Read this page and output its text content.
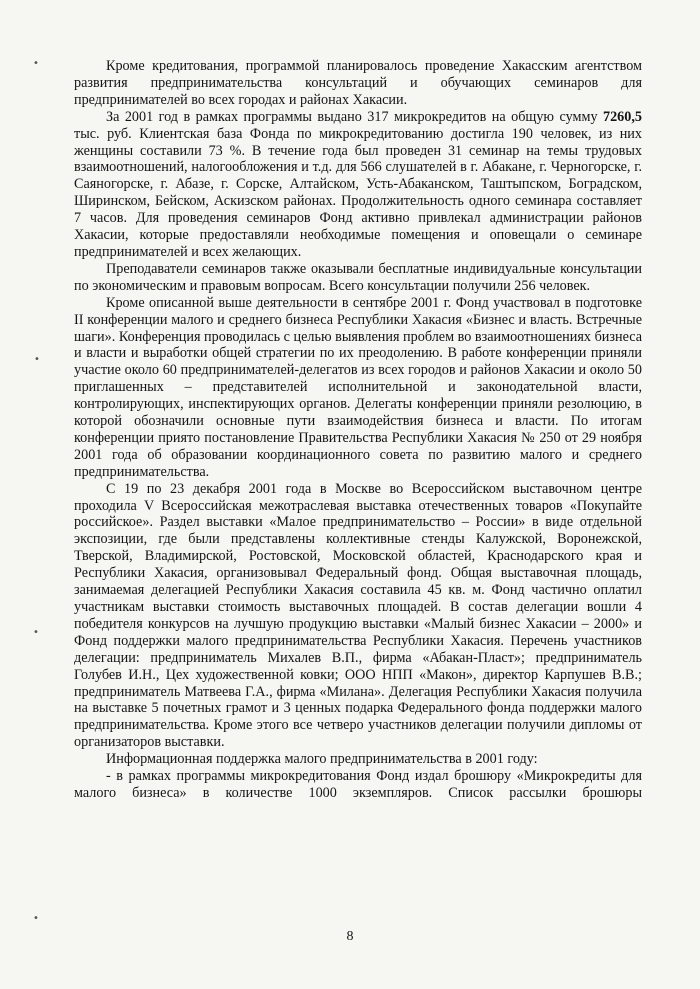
•
•
•
•

Кроме кредитования, программой планировалось проведение Хакасским агентством развития предпринимательства консультаций и обучающих семинаров для предпринимателей во всех городах и районах Хакасии.

За 2001 год в рамках программы выдано 317 микрокредитов на общую сумму 7260,5 тыс. руб. Клиентская база Фонда по микрокредитованию достигла 190 человек, из них женщины составили 73 %. В течение года был проведен 31 семинар на темы трудовых взаимоотношений, налогообложения и т.д. для 566 слушателей в г. Абакане, г. Черногорске, г. Саяногорске, г. Абазе, г. Сорске, Алтайском, Усть-Абаканском, Таштыпском, Боградском, Ширинском, Бейском, Аскизском районах. Продолжительность одного семинара составляет 7 часов. Для проведения семинаров Фонд активно привлекал администрации районов Хакасии, которые предоставляли необходимые помещения и оповещали о семинаре предпринимателей и всех желающих.

Преподаватели семинаров также оказывали бесплатные индивидуальные консультации по экономическим и правовым вопросам. Всего консультации получили 256 человек.

Кроме описанной выше деятельности в сентябре 2001 г. Фонд участвовал в подготовке II конференции малого и среднего бизнеса Республики Хакасия «Бизнес и власть. Встречные шаги». Конференция проводилась с целью выявления проблем во взаимоотношениях бизнеса и власти и выработки общей стратегии по их преодолению. В работе конференции приняли участие около 60 предпринимателей-делегатов из всех городов и районов Хакасии и около 50 приглашенных – представителей исполнительной и законодательной власти, контролирующих, инспектирующих органов. Делегаты конференции приняли резолюцию, в которой обозначили основные пути взаимодействия бизнеса и власти. По итогам конференции приято постановление Правительства Республики Хакасия № 250 от 29 ноября 2001 года об образовании координационного совета по развитию малого и среднего предпринимательства.

С 19 по 23 декабря 2001 года в Москве во Всероссийском выставочном центре проходила V Всероссийская межотраслевая выставка отечественных товаров «Покупайте российское». Раздел выставки «Малое предпринимательство – России» в виде отдельной экспозиции, где были представлены коллективные стенды Калужской, Воронежской, Тверской, Владимирской, Ростовской, Московской областей, Краснодарского края и Республики Хакасия, организовывал Федеральный фонд. Общая выставочная площадь, занимаемая делегацией Республики Хакасия составила 45 кв. м. Фонд частично оплатил участникам выставки стоимость выставочных площадей. В состав делегации вошли 4 победителя конкурсов на лучшую продукцию выставки «Малый бизнес Хакасии – 2000» и Фонд поддержки малого предпринимательства Республики Хакасия. Перечень участников делегации: предприниматель Михалев В.П., фирма «Абакан-Пласт»; предприниматель Голубев И.Н., Цех художественной ковки; ООО НПП «Макон», директор Карпушев В.В.; предприниматель Матвеева Г.А., фирма «Милана». Делегация Республики Хакасия получила на выставке 5 почетных грамот и 3 ценных подарка Федерального фонда поддержки малого предпринимательства. Кроме этого все четверо участников делегации получили дипломы от организаторов выставки.

Информационная поддержка малого предпринимательства в 2001 году:

- в рамках программы микрокредитования Фонд издал брошюру «Микрокредиты для малого бизнеса» в количестве 1000 экземпляров. Список рассылки брошюры

8
